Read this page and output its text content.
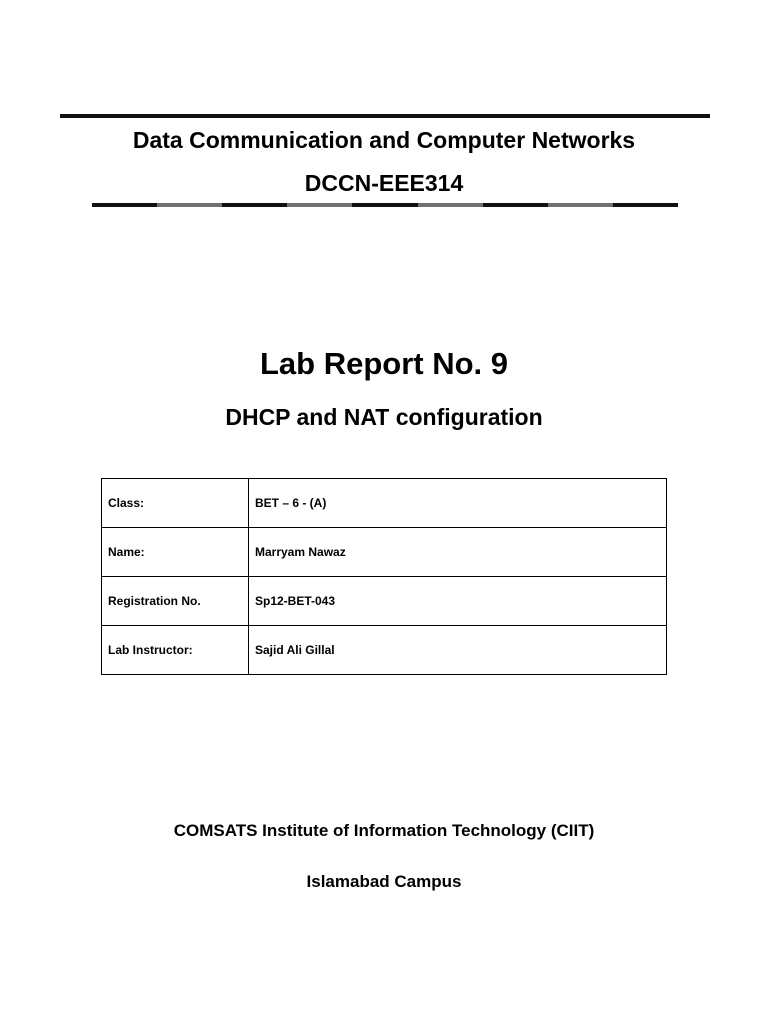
Data Communication and Computer Networks
DCCN-EEE314
Lab Report No. 9
DHCP and NAT configuration
Class:	BET – 6 - (A)
Name:	Marryam Nawaz
Registration No.	Sp12-BET-043
Lab Instructor:	Sajid Ali Gillal
COMSATS Institute of Information Technology (CIIT)
Islamabad Campus
